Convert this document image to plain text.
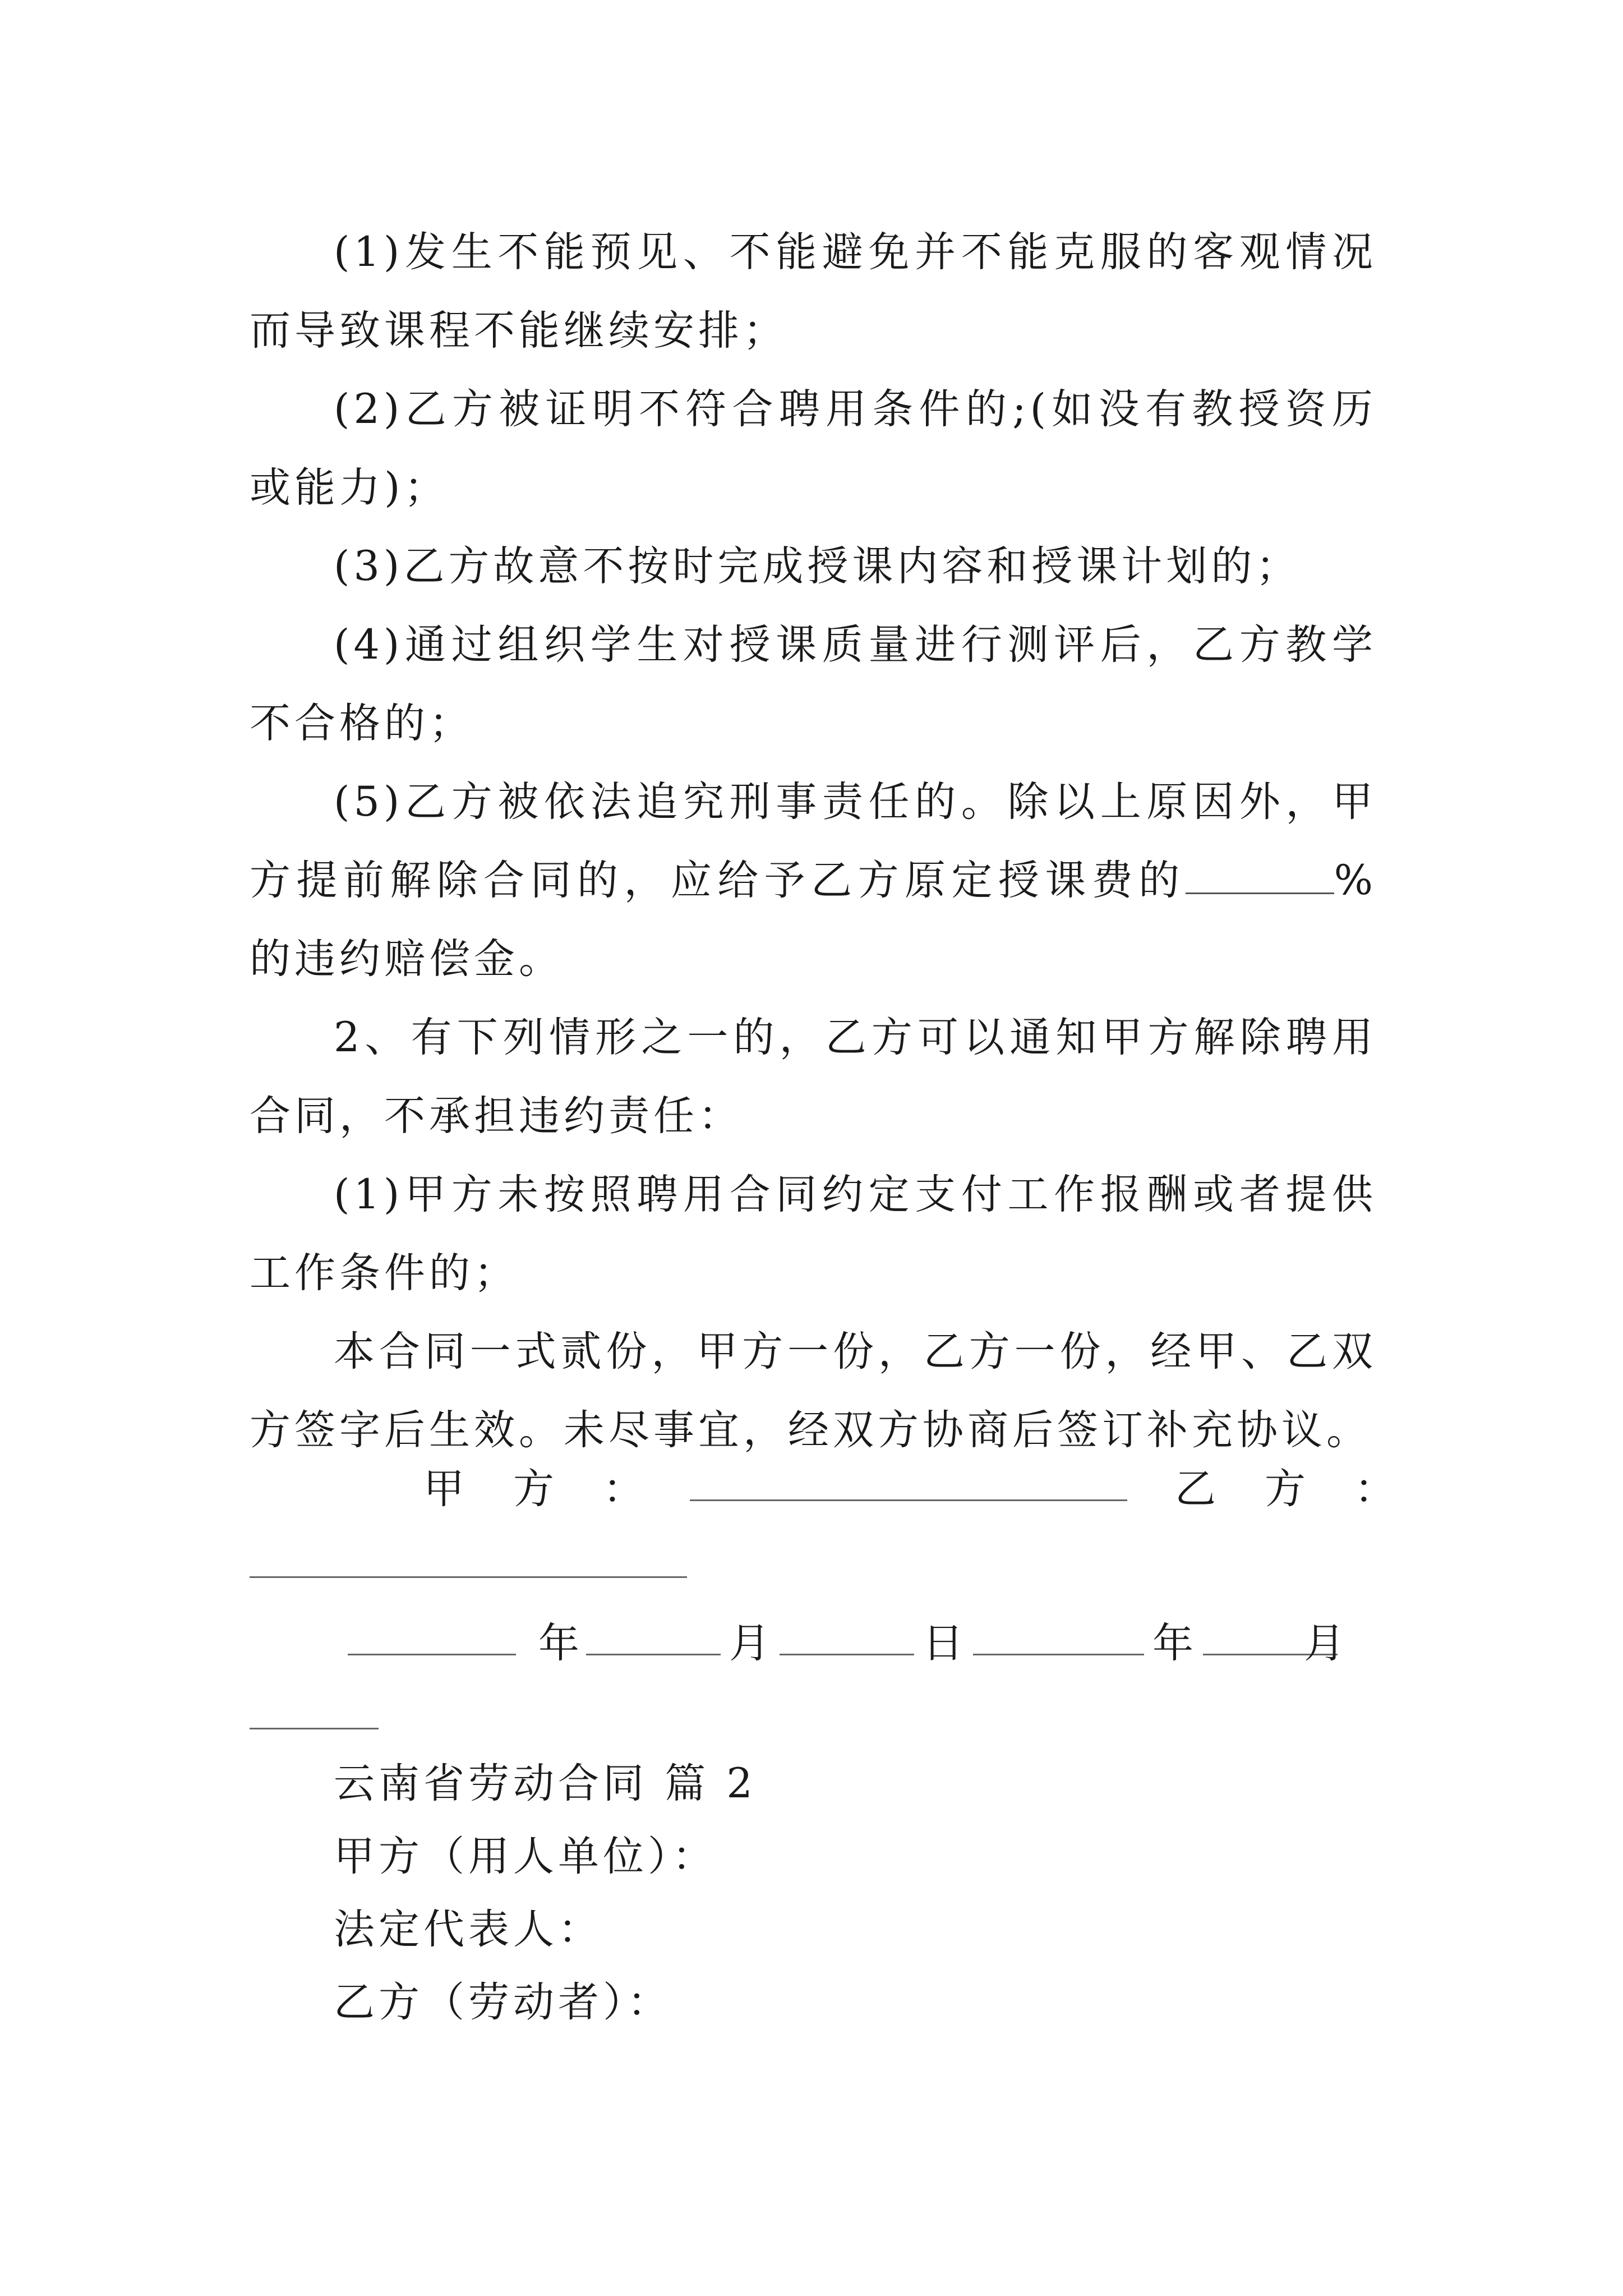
(1)发生不能预见、不能避免并不能克服的客观情况而导致课程不能继续安排；

(2)乙方被证明不符合聘用条件的;(如没有教授资历或能力)；

(3)乙方故意不按时完成授课内容和授课计划的；

(4)通过组织学生对授课质量进行测评后，乙方教学不合格的；

(5)乙方被依法追究刑事责任的。除以上原因外，甲方提前解除合同的，应给予乙方原定授课费的	%的违约赔偿金。

2、有下列情形之一的，乙方可以通知甲方解除聘用合同，不承担违约责任：

(1)甲方未按照聘用合同约定支付工作报酬或者提供工作条件的；

本合同一式贰份，甲方一份，乙方一份，经甲、乙双方签字后生效。未尽事宜，经双方协商后签订补充协议。

甲　方　：	乙　方　：
年	月	日	年	月

云南省劳动合同 篇 2

甲方（用人单位）：

法定代表人：

乙方（劳动者）：
